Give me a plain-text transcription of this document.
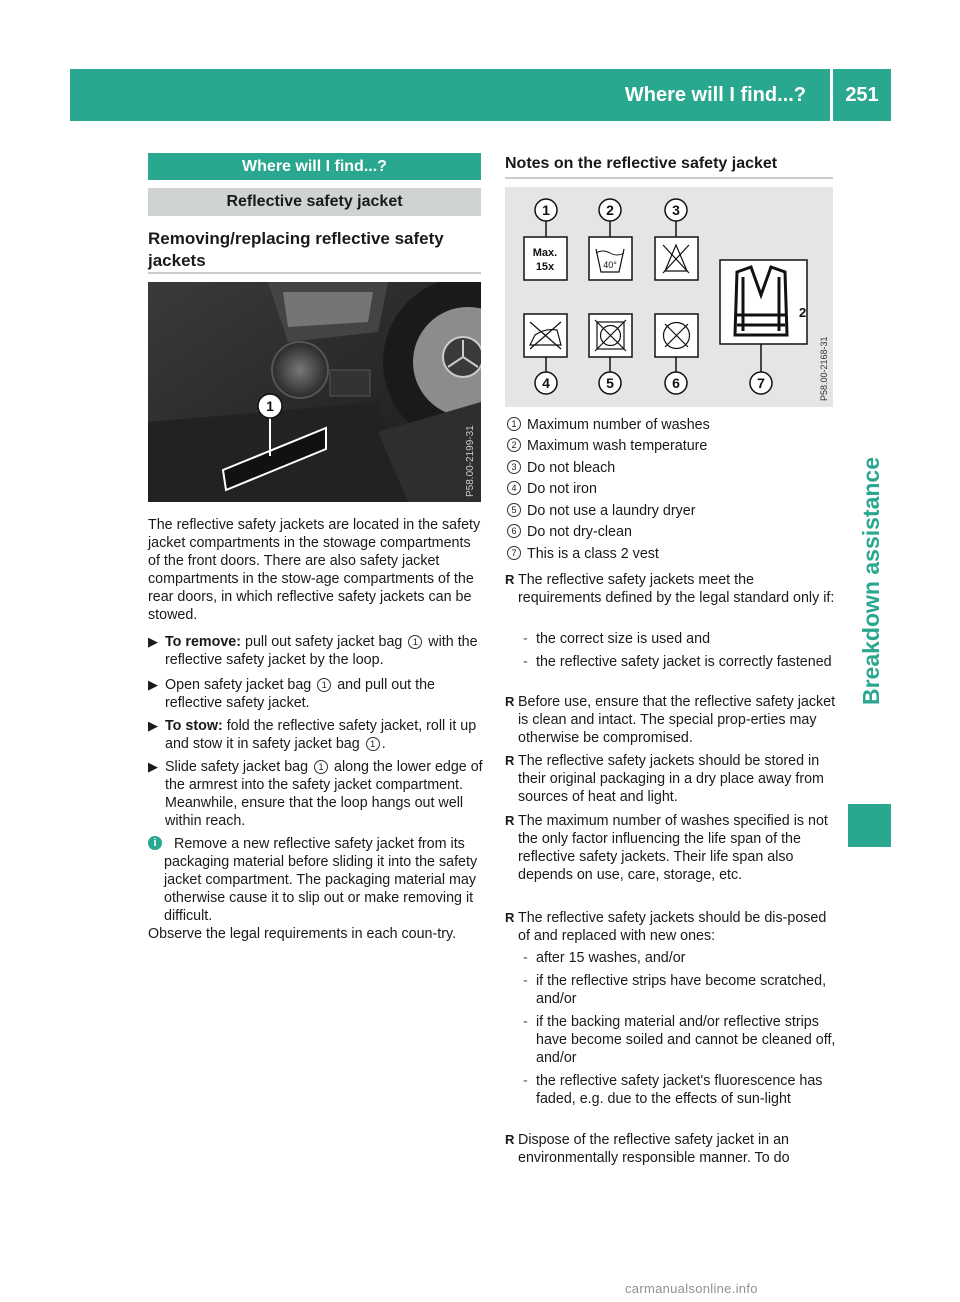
Where will I find...?	251
Breakdown assistance
Where will I find...?
Reflective safety jacket
Removing/replacing reflective safety jackets
1
P58.00-2199-31
The reflective safety jackets are located in the safety jacket compartments in the stowage compartments of the front doors. There are also safety jacket compartments in the stow-age compartments of the rear doors, in which reflective safety jackets can be stowed.
▶ To remove: pull out safety jacket bag 1 with the reflective safety jacket by the loop.
▶ Open safety jacket bag 1 and pull out the reflective safety jacket.
▶ To stow: fold the reflective safety jacket, roll it up and stow it in safety jacket bag 1 .
▶ Slide safety jacket bag 1 along the lower edge of the armrest into the safety jacket compartment. Meanwhile, ensure that the loop hangs out well within reach.
i	Remove a new reflective safety jacket from its packaging material before sliding it into the safety jacket compartment. The packaging material may otherwise cause it to slip out or make removing it difficult.
Observe the legal requirements in each coun-try.
Notes on the reflective safety jacket
1	2	3
4	5	6	7
Max.
15x	40°
2
P58.00-2168-31
1 Maximum number of washes
2 Maximum wash temperature
3 Do not bleach
4 Do not iron
5 Do not use a laundry dryer
6 Do not dry-clean
7 This is a class 2 vest
R The reflective safety jackets meet the requirements defined by the legal standard only if:
- the correct size is used and
- the reflective safety jacket is correctly fastened
R Before use, ensure that the reflective safety jacket is clean and intact. The special prop-erties may otherwise be compromised.
R The reflective safety jackets should be stored in their original packaging in a dry place away from sources of heat and light.
R The maximum number of washes specified is not the only factor influencing the life span of the reflective safety jackets. Their life span also depends on use, care, storage, etc.
R The reflective safety jackets should be dis-posed of and replaced with new ones:
- after 15 washes, and/or
- if the reflective strips have become scratched, and/or
- if the backing material and/or reflective strips have become soiled and cannot be cleaned off, and/or
- the reflective safety jacket's fluorescence has faded, e.g. due to the effects of sun-light
R Dispose of the reflective safety jacket in an environmentally responsible manner. To do
carmanualsonline.info
